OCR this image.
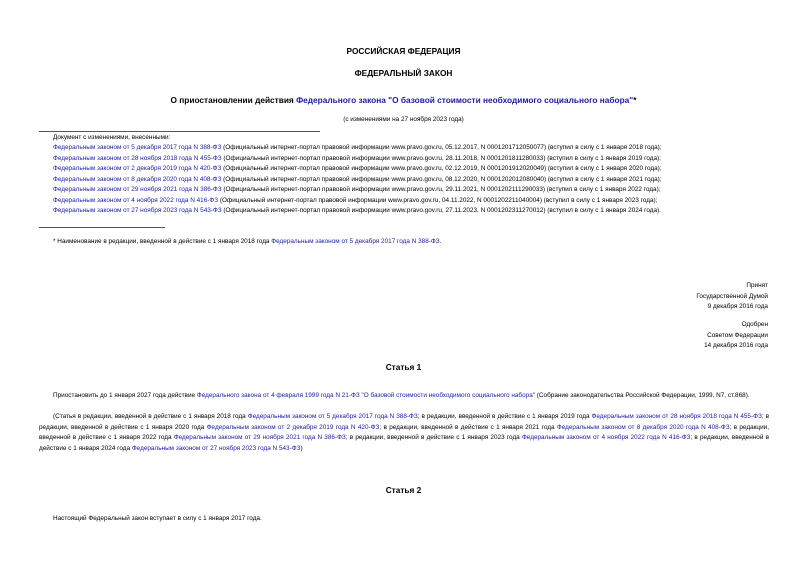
РОССИЙСКАЯ ФЕДЕРАЦИЯ
ФЕДЕРАЛЬНЫЙ ЗАКОН
О приостановлении действия Федерального закона "О базовой стоимости необходимого социального набора"*
(с изменениями на 27 ноября 2023 года)
Документ с изменениями, внесенными:
Федеральным законом от 5 декабря 2017 года N 388-ФЗ (Официальный интернет-портал правовой информации www.pravo.gov.ru, 05.12.2017, N 0001201712050077) (вступил в силу с 1 января 2018 года);
Федеральным законом от 28 ноября 2018 года N 455-ФЗ (Официальный интернет-портал правовой информации www.pravo.gov.ru, 28.11.2018, N 0001201811280033) (вступил в силу с 1 января 2019 года);
Федеральным законом от 2 декабря 2019 года N 420-ФЗ (Официальный интернет-портал правовой информации www.pravo.gov.ru, 02.12.2019, N 0001201912020049) (вступил в силу с 1 января 2020 года);
Федеральным законом от 8 декабря 2020 года N 408-ФЗ (Официальный интернет-портал правовой информации www.pravo.gov.ru, 08.12.2020, N 0001202012080040) (вступил в силу с 1 января 2021 года);
Федеральным законом от 29 ноября 2021 года N 386-ФЗ (Официальный интернет-портал правовой информации www.pravo.gov.ru, 29.11.2021, N 0001202111290033) (вступил в силу с 1 января 2022 года);
Федеральным законом от 4 ноября 2022 года N 416-ФЗ (Официальный интернет-портал правовой информации www.pravo.gov.ru, 04.11.2022, N 0001202211040004) (вступил в силу с 1 января 2023 года);
Федеральным законом от 27 ноября 2023 года N 543-ФЗ (Официальный интернет-портал правовой информации www.pravo.gov.ru, 27.11.2023, N 0001202311270012) (вступил в силу с 1 января 2024 года).
* Наименование в редакции, введенной в действие с 1 января 2018 года Федеральным законом от 5 декабря 2017 года N 388-ФЗ.
Принят
Государственной Думой
9 декабря 2016 года
Одобрен
Советом Федерации
14 декабря 2016 года
Статья 1
Приостановить до 1 января 2027 года действие Федерального закона от 4 февраля 1999 года N 21-ФЗ "О базовой стоимости необходимого социального набора" (Собрание законодательства Российской Федерации, 1999, N7, ст.868).
(Статья в редакции, введенной в действие с 1 января 2018 года Федеральным законом от 5 декабря 2017 года N 388-ФЗ; в редакции, введенной в действие с 1 января 2019 года Федеральным законом от 28 ноября 2018 года N 455-ФЗ; в редакции, введенной в действие с 1 января 2020 года Федеральным законом от 2 декабря 2019 года N 420-ФЗ; в редакции, введенной в действие с 1 января 2021 года Федеральным законом от 8 декабря 2020 года N 408-ФЗ; в редакции, введенной в действие с 1 января 2022 года Федеральным законом от 29 ноября 2021 года N 386-ФЗ; в редакции, введенной в действие с 1 января 2023 года Федеральным законом от 4 ноября 2022 года N 416-ФЗ; в редакции, введенной в действие с 1 января 2024 года Федеральным законом от 27 ноября 2023 года N 543-ФЗ)
Статья 2
Настоящий Федеральный закон вступает в силу с 1 января 2017 года.
